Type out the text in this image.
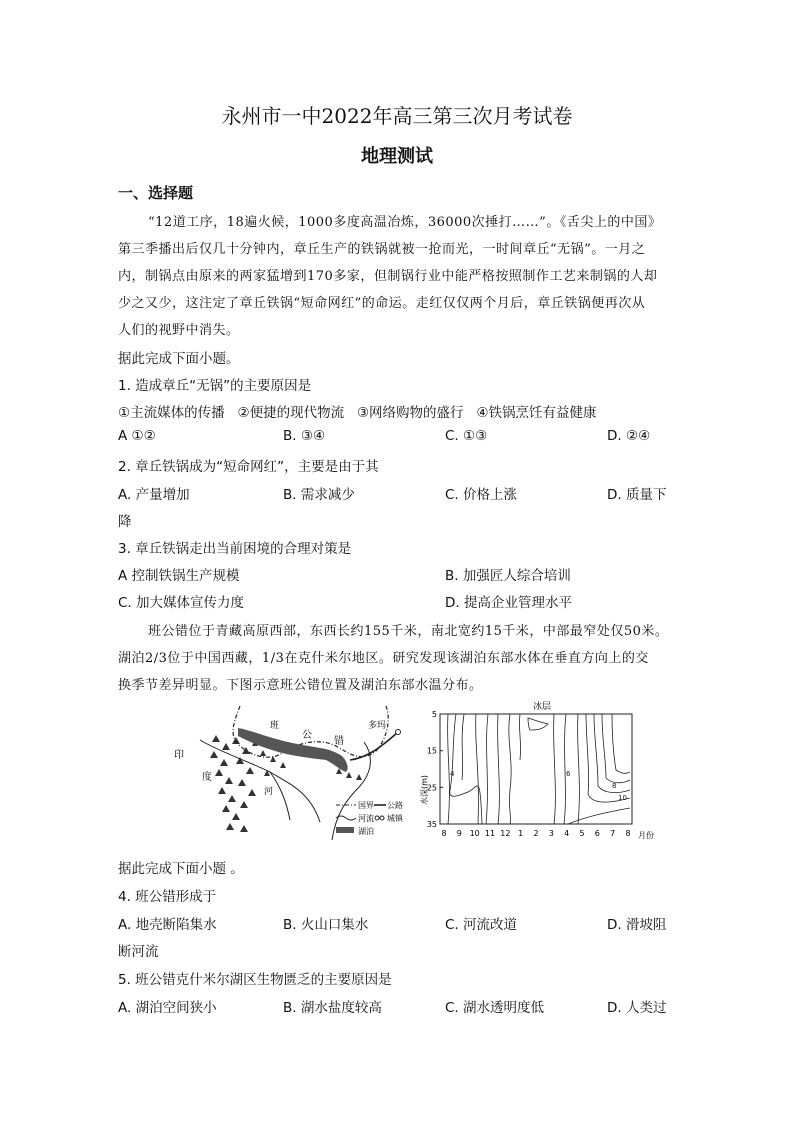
永州市一中2022年高三第三次月考试卷
地理测试
一、选择题
“12道工序，18遍火候，1000多度高温冶炼，36000次捶打……”。《舌尖上的中国》
第三季播出后仅几十分钟内，章丘生产的铁锅就被一抢而光，一时间章丘“无锅”。一月之
内，制锅点由原来的两家猛增到170多家，但制锅行业中能严格按照制作工艺来制锅的人却
少之又少，这注定了章丘铁锅“短命网红”的命运。走红仅仅两个月后，章丘铁锅便再次从
人们的视野中消失。
据此完成下面小题。
1. 造成章丘“无锅”的主要原因是
①主流媒体的传播   ②便捷的现代物流   ③网络购物的盛行   ④铁锅烹饪有益健康
A ①②	B. ③④	C. ①③	D. ②④
2. 章丘铁锅成为“短命网红”，主要是由于其
A. 产量增加	B. 需求减少	C. 价格上涨	D. 质量下
降
3. 章丘铁锅走出当前困境的合理对策是
A 控制铁锅生产规模	B. 加强匠人综合培训
C. 加大媒体宣传力度	D. 提高企业管理水平
班公错位于青藏高原西部，东西长约155千米，南北宽约15千米，中部最窄处仅50米。
湖泊2/3位于中国西藏，1/3在克什米尔地区。研究发现该湖泊东部水体在垂直方向上的交
换季节差异明显。下图示意班公错位置及湖泊东部水温分布。
印
度
班
公
错
多玛
河
国界 公路
河流 城镇
湖泊
冰层
水深(m)
4	6
8
10
5
15
25
35
8 9 10 11 12 1 2 3 4 5 6 7 8 月份
据此完成下面小题 。
4. 班公错形成于
A. 地壳断陷集水	B. 火山口集水	C. 河流改道	D. 滑坡阻
断河流
5. 班公错克什米尔湖区生物匮乏的主要原因是
A. 湖泊空间狭小	B. 湖水盐度较高	C. 湖水透明度低	D. 人类过
